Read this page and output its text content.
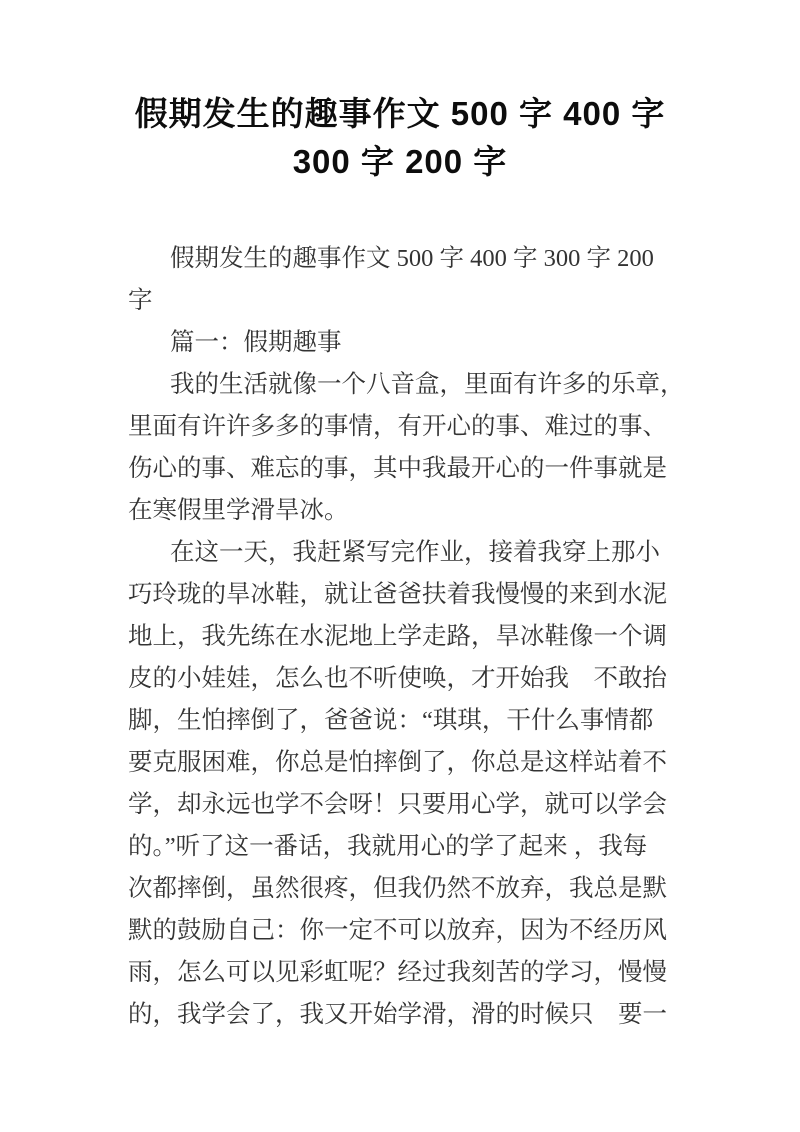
假期发生的趣事作文 500 字 400 字
300 字 200 字
假期发生的趣事作文 500 字 400 字 300 字 200
字
篇一：假期趣事
我的生活就像一个八音盒，里面有许多的乐章，
里面有许许多多的事情，有开心的事、难过的事、
伤心的事、难忘的事，其中我最开心的一件事就是
在寒假里学滑旱冰。
在这一天，我赶紧写完作业，接着我穿上那小
巧玲珑的旱冰鞋，就让爸爸扶着我慢慢的来到水泥
地上，我先练在水泥地上学走路，旱冰鞋像一个调
皮的小娃娃，怎么也不听使唤，才开始我　不敢抬
脚，生怕摔倒了，爸爸说：“琪琪，干什么事情都
要克服困难，你总是怕摔倒了，你总是这样站着不
学，却永远也学不会呀！只要用心学，就可以学会
的。”听了这一番话，我就用心的学了起来 ，我每
次都摔倒，虽然很疼，但我仍然不放弃，我总是默
默的鼓励自己：你一定不可以放弃，因为不经历风
雨，怎么可以见彩虹呢？经过我刻苦的学习，慢慢
的，我学会了，我又开始学滑，滑的时候只　要一
